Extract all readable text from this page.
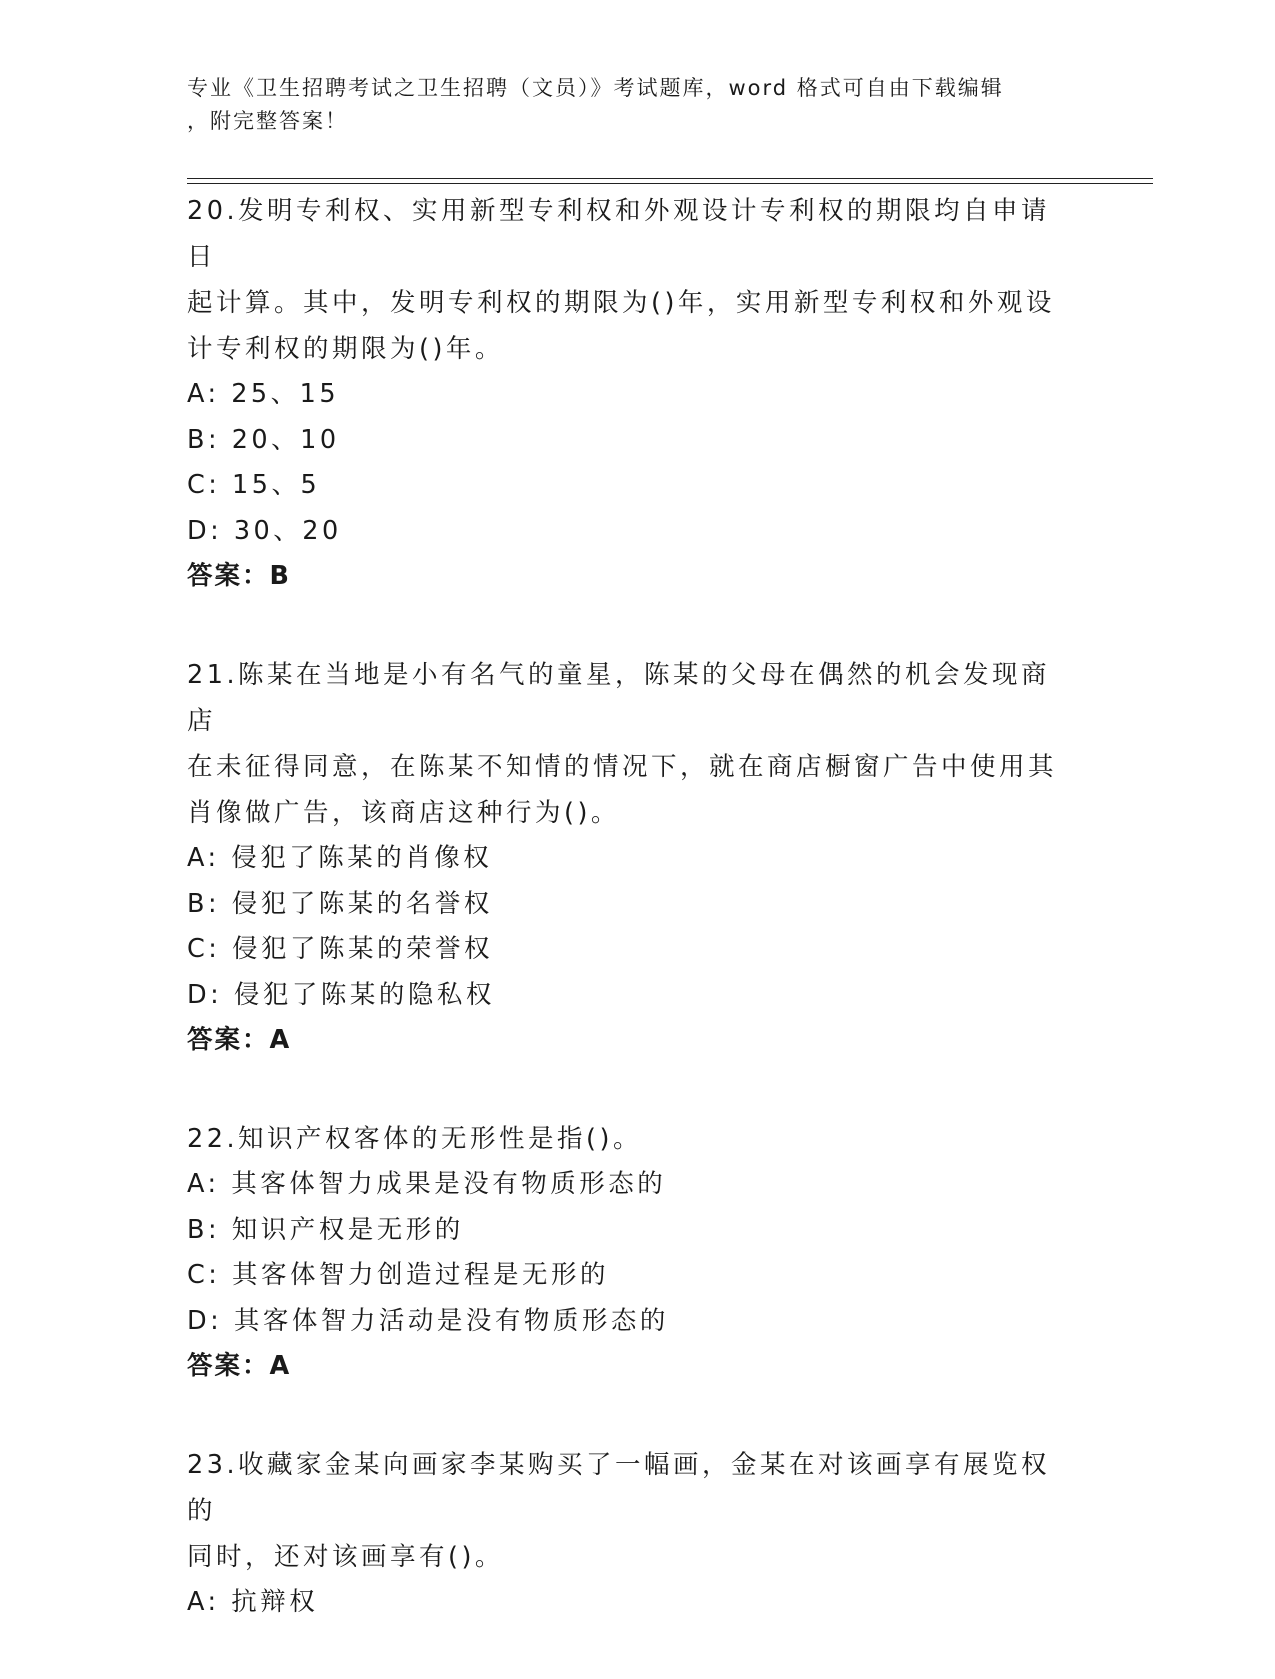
专业《卫生招聘考试之卫生招聘（文员）》考试题库，word 格式可自由下载编辑
，附完整答案！

20.发明专利权、实用新型专利权和外观设计专利权的期限均自申请日

起计算。其中，发明专利权的期限为()年，实用新型专利权和外观设

计专利权的期限为()年。

A: 25、15

B: 20、10

C: 15、5

D: 30、20

答案：B

21.陈某在当地是小有名气的童星，陈某的父母在偶然的机会发现商店

在未征得同意，在陈某不知情的情况下，就在商店橱窗广告中使用其

肖像做广告，该商店这种行为()。

A: 侵犯了陈某的肖像权

B: 侵犯了陈某的名誉权

C: 侵犯了陈某的荣誉权

D: 侵犯了陈某的隐私权

答案：A

22.知识产权客体的无形性是指()。

A: 其客体智力成果是没有物质形态的

B: 知识产权是无形的

C: 其客体智力创造过程是无形的

D: 其客体智力活动是没有物质形态的

答案：A

23.收藏家金某向画家李某购买了一幅画，金某在对该画享有展览权的

同时，还对该画享有()。

A: 抗辩权
